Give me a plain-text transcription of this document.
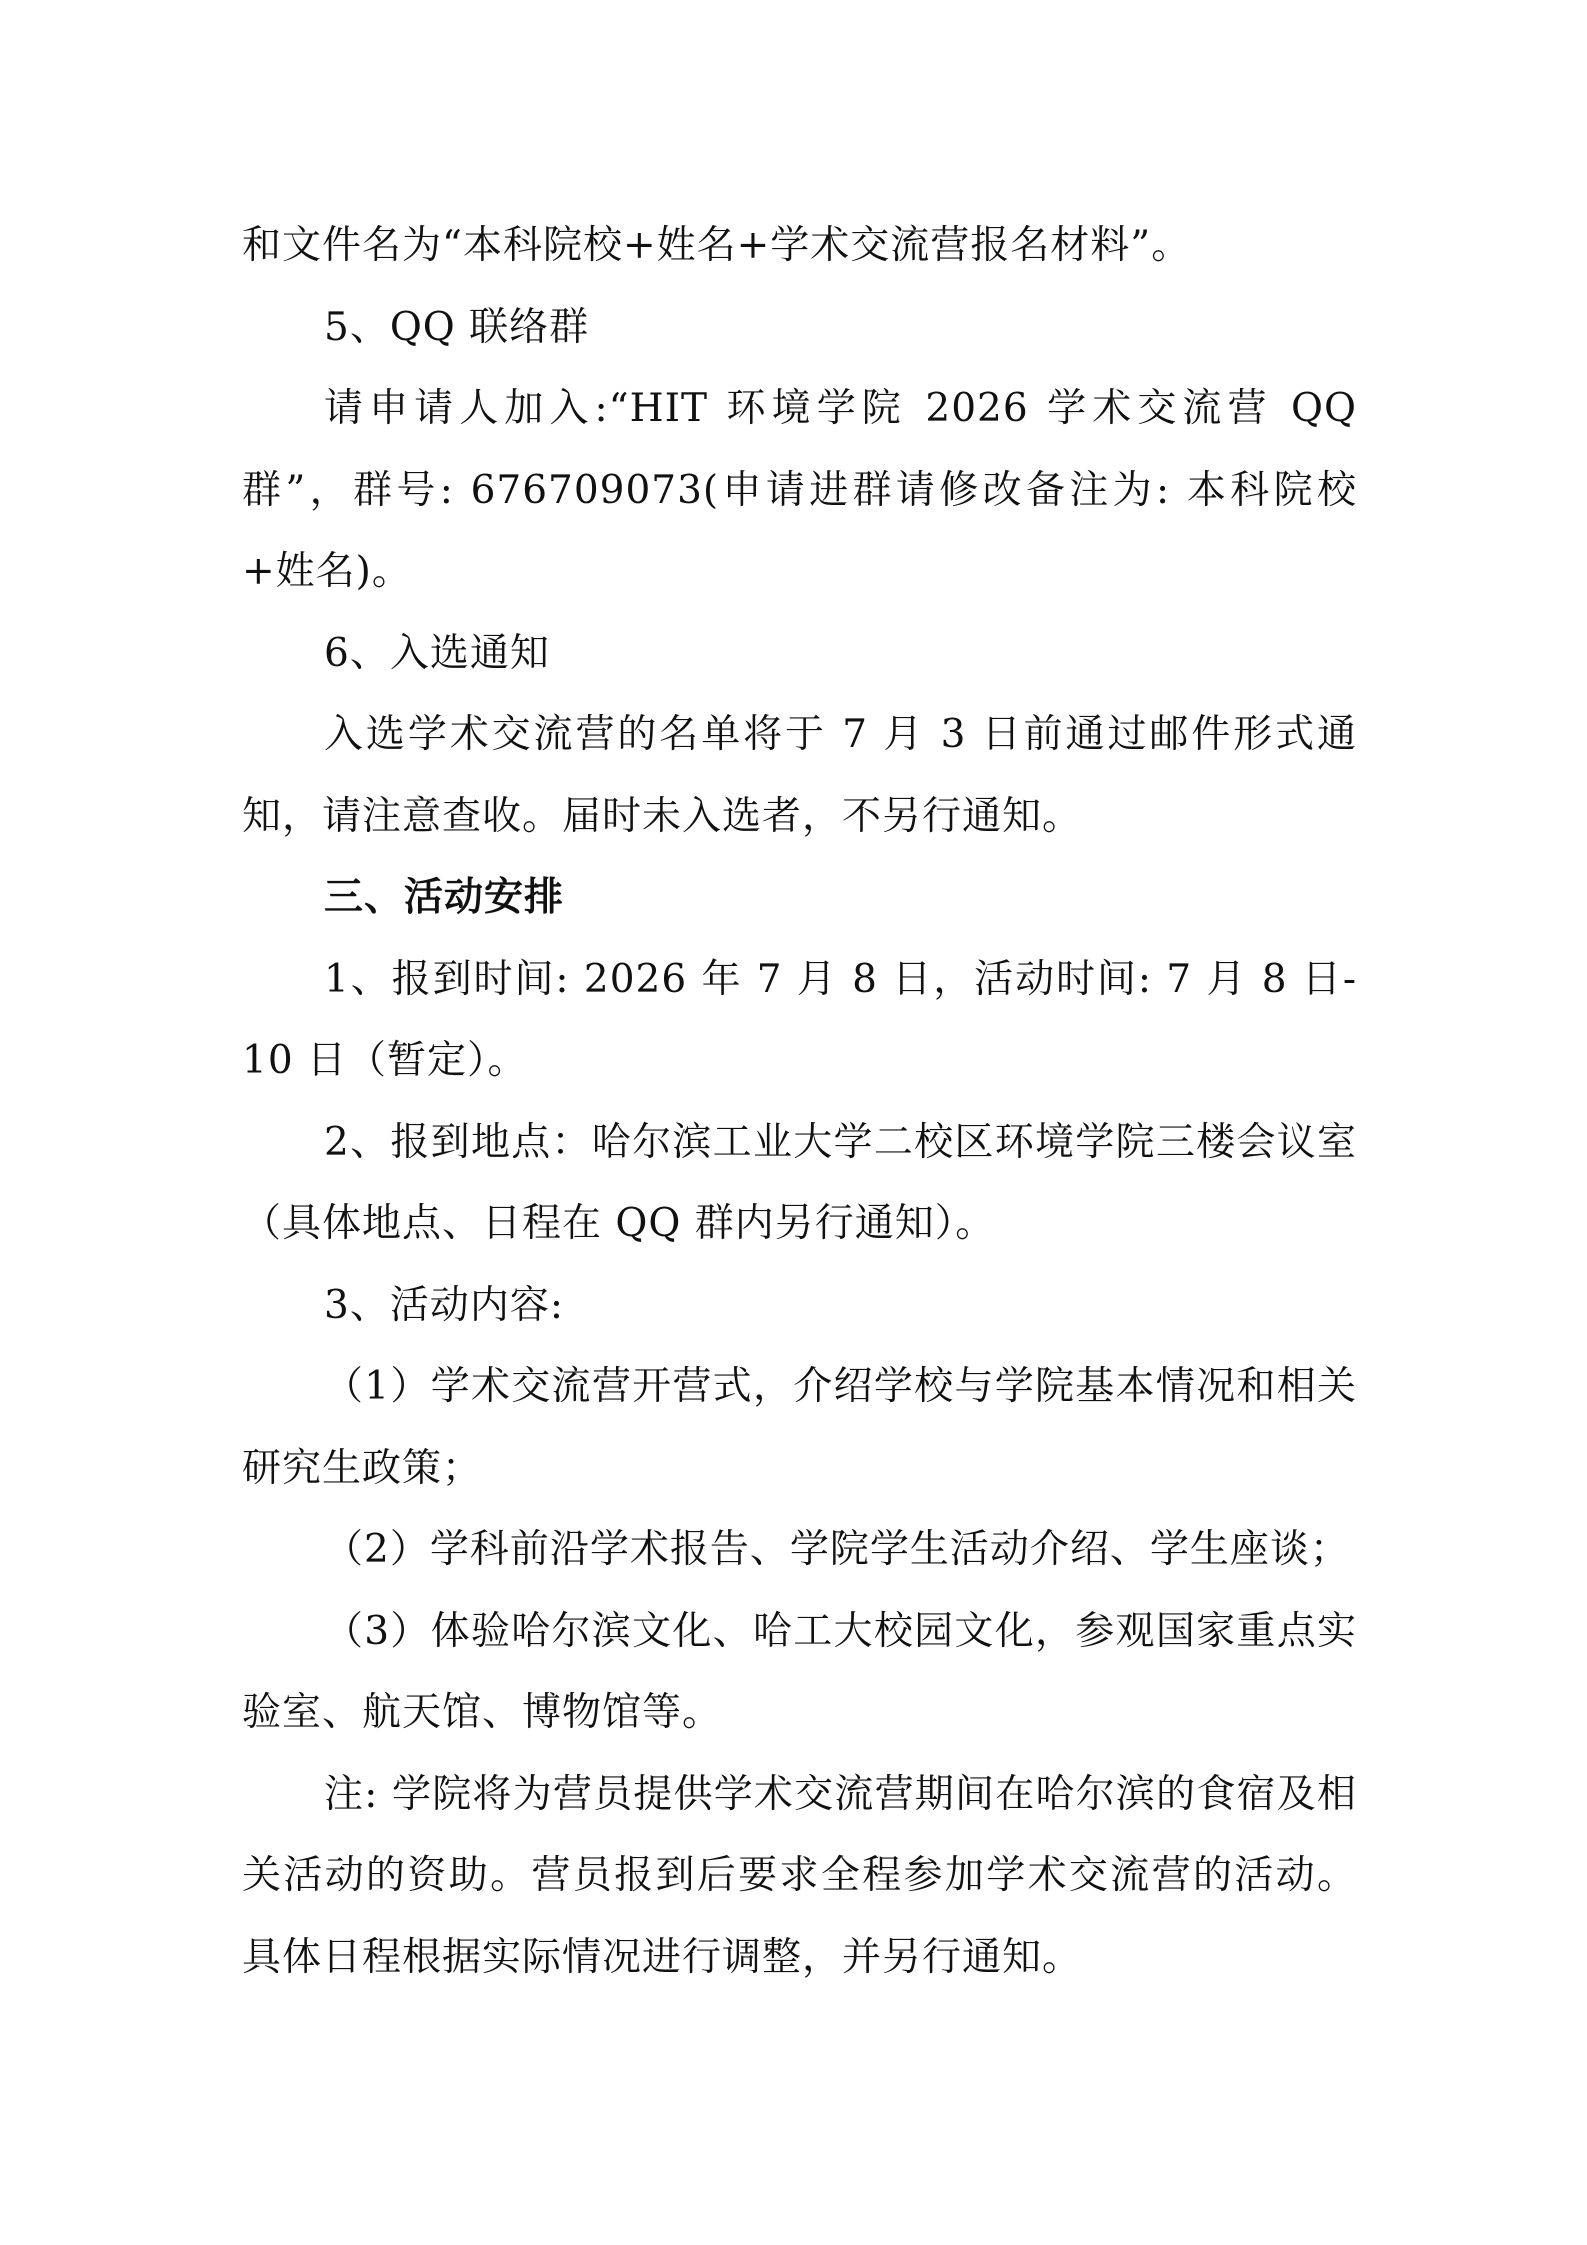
和文件名为“本科院校+姓名+学术交流营报名材料”。

5、QQ 联络群

请申请人加入:“HIT 环境学院 2026 学术交流营 QQ 群”，群号: 676709073(申请进群请修改备注为: 本科院校+姓名)。

6、入选通知

入选学术交流营的名单将于 7 月 3 日前通过邮件形式通知，请注意查收。届时未入选者，不另行通知。

三、活动安排

1、报到时间: 2026 年 7 月 8 日，活动时间: 7 月 8 日-10 日（暂定）。

2、报到地点：哈尔滨工业大学二校区环境学院三楼会议室（具体地点、日程在 QQ 群内另行通知）。

3、活动内容:

（1）学术交流营开营式，介绍学校与学院基本情况和相关研究生政策；

（2）学科前沿学术报告、学院学生活动介绍、学生座谈；

（3）体验哈尔滨文化、哈工大校园文化，参观国家重点实验室、航天馆、博物馆等。

注: 学院将为营员提供学术交流营期间在哈尔滨的食宿及相关活动的资助。营员报到后要求全程参加学术交流营的活动。具体日程根据实际情况进行调整，并另行通知。
